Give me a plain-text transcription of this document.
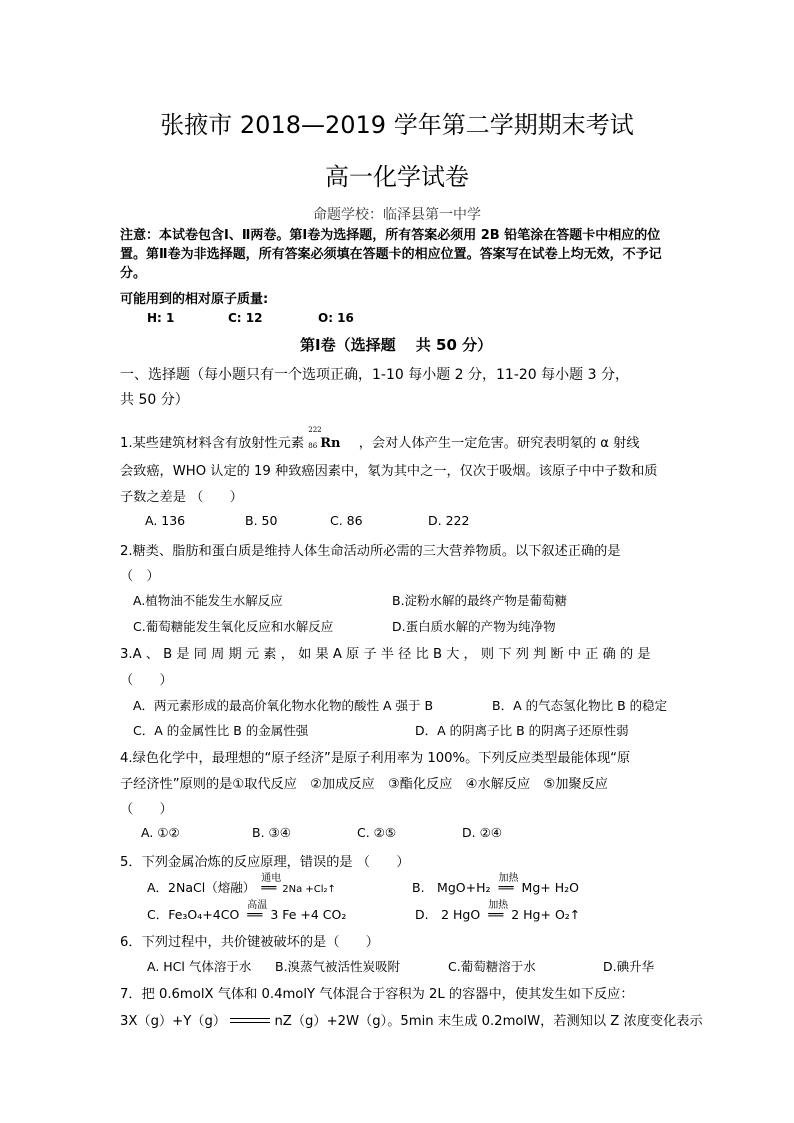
张掖市 2018—2019 学年第二学期期末考试
高一化学试卷
命题学校：临泽县第一中学
注意：本试卷包含Ⅰ、Ⅱ两卷。第Ⅰ卷为选择题，所有答案必须用 2B 铅笔涂在答题卡中相应的位置。第Ⅱ卷为非选择题，所有答案必须填在答题卡的相应位置。答案写在试卷上均无效，不予记分。
可能用到的相对原子质量:
H: 1	C: 12	O: 16
第Ⅰ卷（选择题　 共 50 分）
一、选择题（每小题只有一个选项正确，1-10 每小题 2 分，11-20 每小题 3 分，
共 50 分）
1.某些建筑材料含有放射性元素
222
86 Rn ，会对人体产生一定危害。研究表明氡的 α 射线
会致癌，WHO 认定的 19 种致癌因素中，氡为其中之一，仅次于吸烟。该原子中中子数和质
子数之差是 （　　）
A. 136	B. 50	C. 86	D. 222
2.糖类、脂肪和蛋白质是维持人体生命活动所必需的三大营养物质。以下叙述正确的是
（　）
A.植物油不能发生水解反应	B.淀粉水解的最终产物是葡萄糖
C.葡萄糖能发生氧化反应和水解反应	D.蛋白质水解的产物为纯净物
3.A 、 B 是 同 周 期 元 素 ， 如 果 A 原 子 半 径 比 B 大 ， 则 下 列 判 断 中 正 确 的 是
（　　）
A．两元素形成的最高价氧化物水化物的酸性 A 强于 B	B．A 的气态氢化物比 B 的稳定
C．A 的金属性比 B 的金属性强	D．A 的阴离子比 B 的阴离子还原性弱
4.绿色化学中，最理想的“原子经济”是原子利用率为 100%。下列反应类型最能体现“原
子经济性”原则的是①取代反应　②加成反应　③酯化反应　④水解反应　⑤加聚反应
（　　）
A. ①②	B. ③④	C. ②⑤	D. ②④
5．下列金属冶炼的反应原理，错误的是 （　　）
A．2NaCl（熔融）
通电
══ 2Na +Cl₂↑	B.　MgO+H₂
加热
══ Mg+ H₂O
C．Fe₃O₄+4CO
高温
══ 3 Fe +4 CO₂	D.　2 HgO
加热
══ 2 Hg+ O₂↑
6．下列过程中，共价键被破坏的是（　　）
A. HCl 气体溶于水 B.溴蒸气被活性炭吸附	C.葡萄糖溶于水	D.碘升华
7．把 0.6molX 气体和 0.4molY 气体混合于容积为 2L 的容器中，使其发生如下反应：
3X（g）+Y（g）	nZ（g）+2W（g）。5min 末生成 0.2molW，若测知以 Z 浓度变化表示
